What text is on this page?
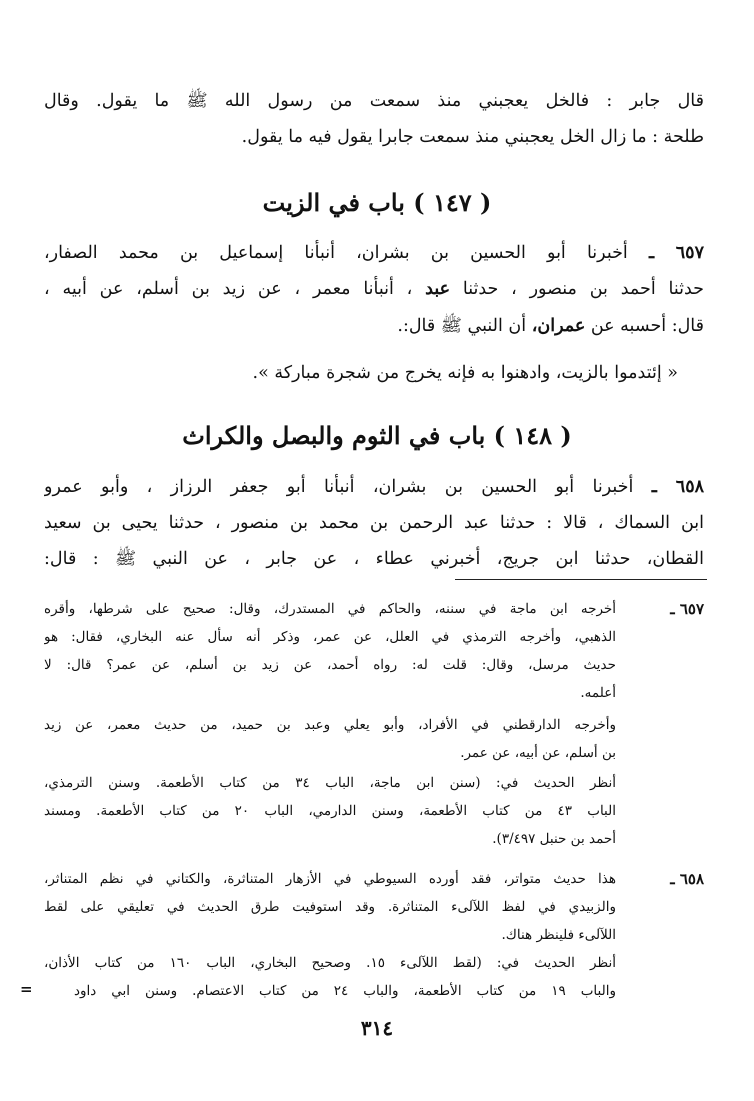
قال جابر : فالخل يعجبني منذ سمعت من رسول الله ﷺ ما يقول. وقال
طلحة : ما زال الخل يعجبني منذ سمعت جابرا يقول فيه ما يقول.
( ١٤٧ ) باب في الزيت
٦٥٧ ـ أخبرنا أبو الحسين بن بشران، أنبأنا إسماعيل بن محمد الصفار،
حدثنا أحمد بن منصور ، حدثنا عبد ، أنبأنا معمر ، عن زيد بن أسلم، عن أبيه ،
قال: أحسبه عن عمران، أن النبي ﷺ قال:.
« إئتدموا بالزيت، وادهنوا به فإنه يخرج من شجرة مباركة ».
( ١٤٨ ) باب في الثوم والبصل والكراث
٦٥٨ ـ أخبرنا أبو الحسين بن بشران، أنبأنا أبو جعفر الرزاز ، وأبو عمرو
ابن السماك ، قالا : حدثنا عبد الرحمن بن محمد بن منصور ، حدثنا يحيى بن سعيد
القطان، حدثنا ابن جريج، أخبرني عطاء ، عن جابر ، عن النبي ﷺ : قال:
٦٥٧ ـ
أخرجه ابن ماجة في سننه، والحاكم في المستدرك، وقال: صحيح على شرطها، وأقره
الذهبي، وأخرجه الترمذي في العلل، عن عمر، وذكر أنه سأل عنه البخاري، فقال: هو
حديث مرسل، وقال: قلت له: رواه أحمد، عن زيد بن أسلم، عن عمر؟ قال: لا
أعلمه.
وأخرجه الدارقطني في الأفراد، وأبو يعلي وعبد بن حميد، من حديث معمر، عن زيد
بن أسلم، عن أبيه، عن عمر.
أنظر الحديث في: (سنن ابن ماجة، الباب ٣٤ من كتاب الأطعمة. وسنن الترمذي،
الباب ٤٣ من كتاب الأطعمة، وسنن الدارمي، الباب ٢٠ من كتاب الأطعمة. ومسند
أحمد بن حنبل ٣/٤٩٧).
٦٥٨ ـ
هذا حديث متواتر، فقد أورده السيوطي في الأزهار المتناثرة، والكتاني في نظم المتناثر،
والزبيدي في لفظ اللآلىء المتناثرة. وقد استوفيت طرق الحديث في تعليقي على لقط
اللآلىء فلينظر هناك.
أنظر الحديث في: (لقط اللآلىء ١٥. وصحيح البخاري، الباب ١٦٠ من كتاب الأذان،
والباب ١٩ من كتاب الأطعمة، والباب ٢٤ من كتاب الاعتصام. وسنن ابي داود
=
٣١٤
